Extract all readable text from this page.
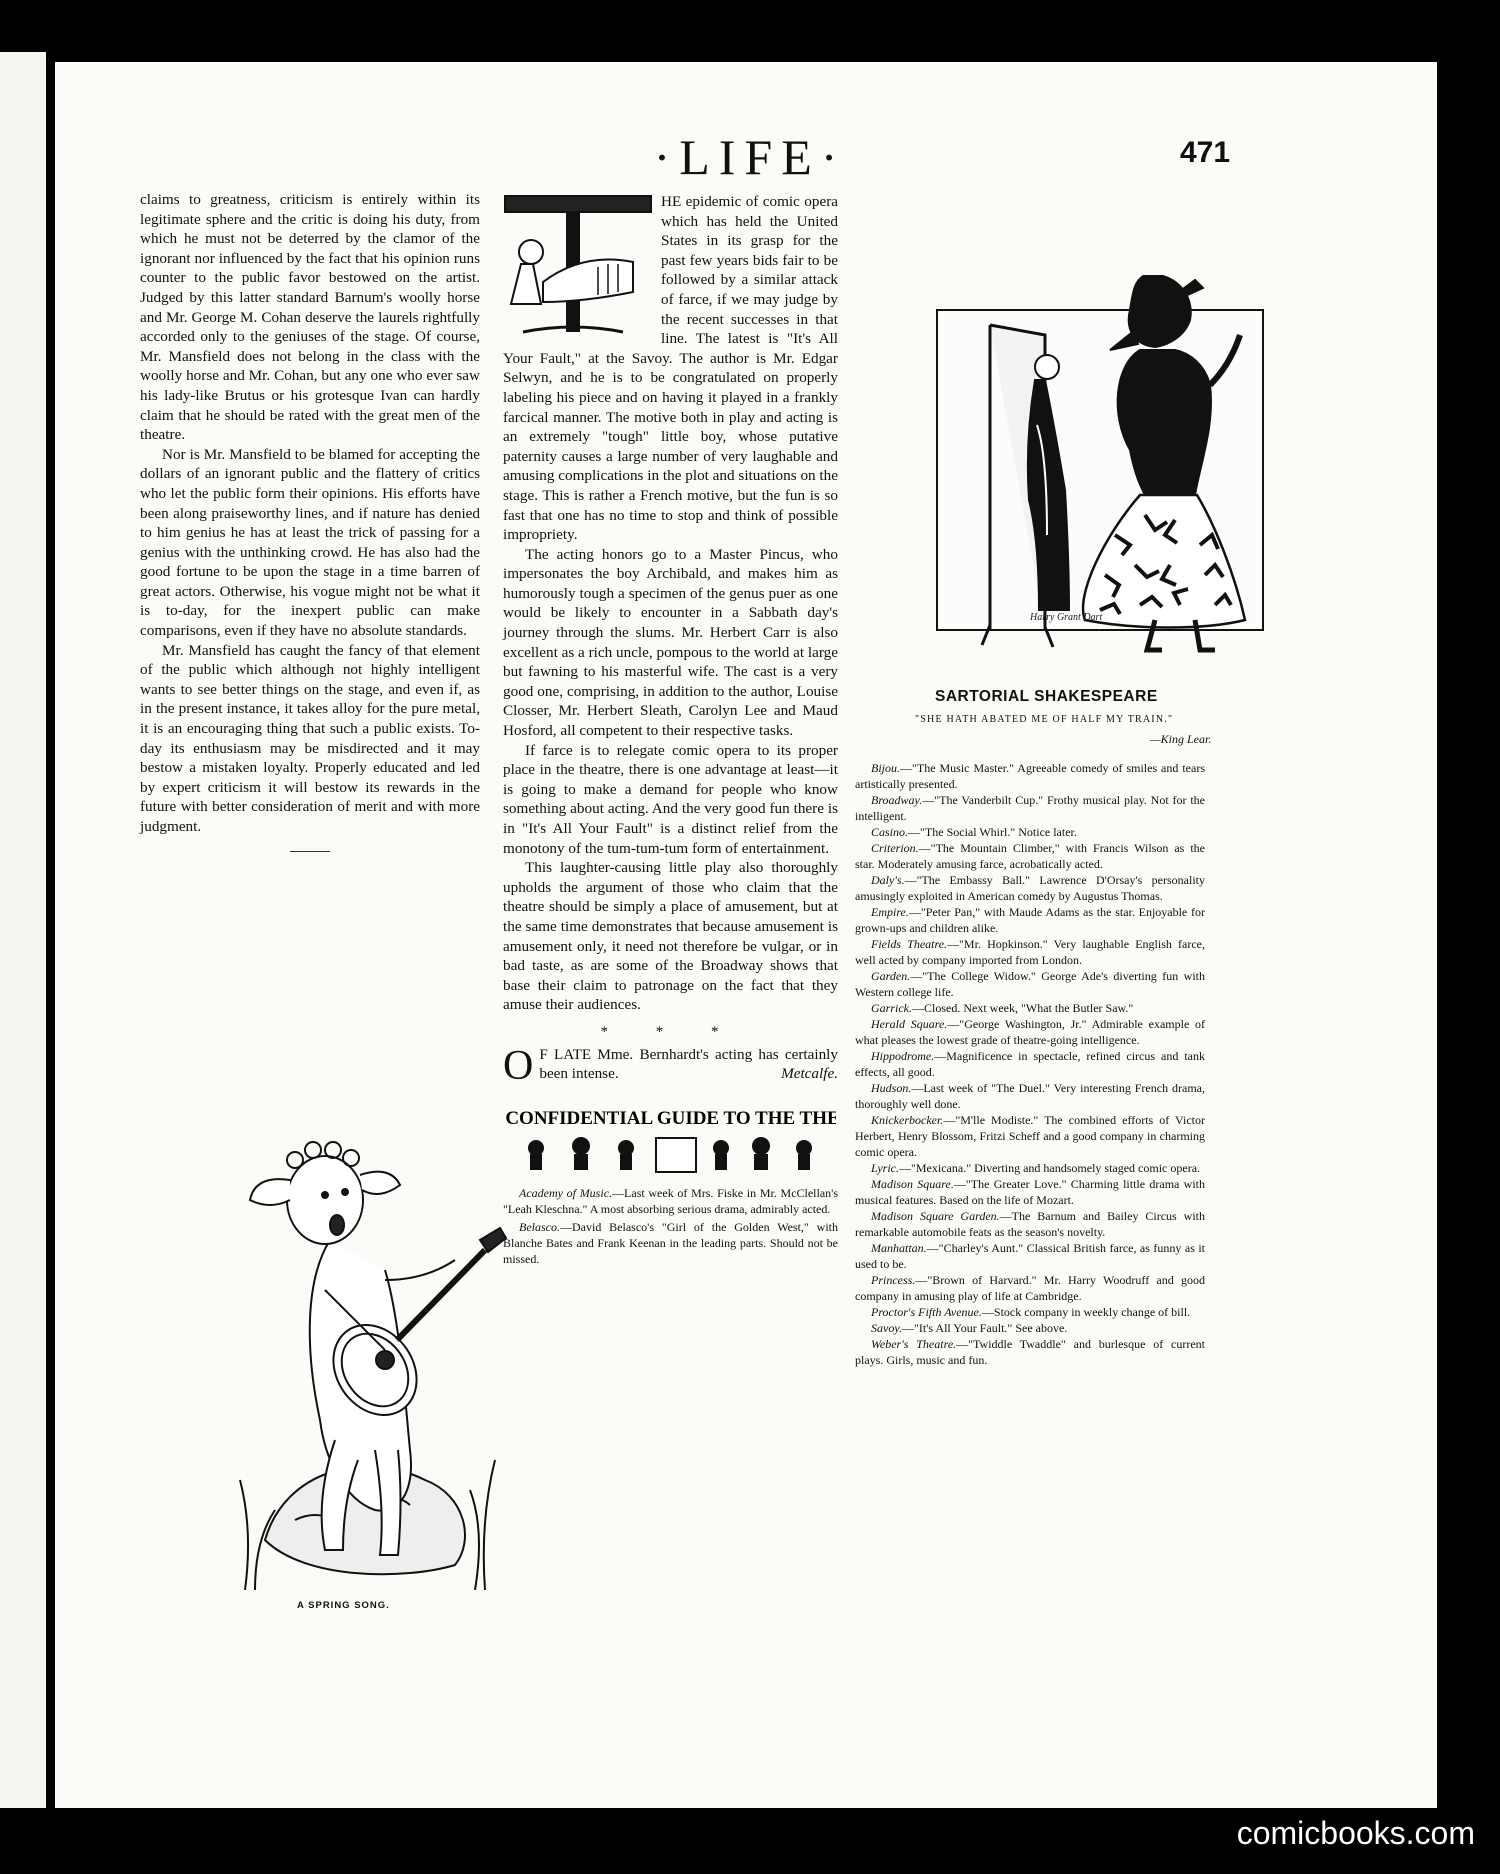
·LIFE·	471

claims to greatness, criticism is entirely within its legitimate sphere and the critic is doing his duty, from which he must not be deterred by the clamor of the ignorant nor influenced by the fact that his opinion runs counter to the public favor bestowed on the artist. Judged by this latter standard Barnum's woolly horse and Mr. George M. Cohan deserve the laurels rightfully accorded only to the geniuses of the stage. Of course, Mr. Mansfield does not belong in the class with the woolly horse and Mr. Cohan, but any one who ever saw his lady-like Brutus or his grotesque Ivan can hardly claim that he should be rated with the great men of the theatre.

Nor is Mr. Mansfield to be blamed for accepting the dollars of an ignorant public and the flattery of critics who let the public form their opinions. His efforts have been along praiseworthy lines, and if nature has denied to him genius he has at least the trick of passing for a genius with the unthinking crowd. He has also had the good fortune to be upon the stage in a time barren of great actors. Otherwise, his vogue might not be what it is to-day, for the inexpert public can make comparisons, even if they have no absolute standards.

Mr. Mansfield has caught the fancy of that element of the public which although not highly intelligent wants to see better things on the stage, and even if, as in the present instance, it takes alloy for the pure metal, it is an encouraging thing that such a public exists. To-day its enthusiasm may be misdirected and it may bestow a mistaken loyalty. Properly educated and led by expert criticism it will bestow its rewards in the future with better consideration of merit and with more judgment.

A SPRING SONG.

HE epidemic of comic opera which has held the United States in its grasp for the past few years bids fair to be followed by a similar attack of farce, if we may judge by the recent successes in that line. The latest is "It's All Your Fault," at the Savoy. The author is Mr. Edgar Selwyn, and he is to be congratulated on properly labeling his piece and on having it played in a frankly farcical manner. The motive both in play and acting is an extremely "tough" little boy, whose putative paternity causes a large number of very laughable and amusing complications in the plot and situations on the stage. This is rather a French motive, but the fun is so fast that one has no time to stop and think of possible impropriety.

The acting honors go to a Master Pincus, who impersonates the boy Archibald, and makes him as humorously tough a specimen of the genus puer as one would be likely to encounter in a Sabbath day's journey through the slums. Mr. Herbert Carr is also excellent as a rich uncle, pompous to the world at large but fawning to his masterful wife. The cast is a very good one, comprising, in addition to the author, Louise Closser, Mr. Herbert Sleath, Carolyn Lee and Maud Hosford, all competent to their respective tasks.

If farce is to relegate comic opera to its proper place in the theatre, there is one advantage at least—it is going to make a demand for people who know something about acting. And the very good fun there is in "It's All Your Fault" is a distinct relief from the monotony of the tum-tum-tum form of entertainment.

This laughter-causing little play also thoroughly upholds the argument of those who claim that the theatre should be simply a place of amusement, but at the same time demonstrates that because amusement is amusement only, it need not therefore be vulgar, or in bad taste, as are some of the Broadway shows that base their claim to patronage on the fact that they amuse their audiences.

* * *

O F LATE Mme. Bernhardt's acting has certainly been intense.	Metcalfe.

CONFIDENTIAL GUIDE TO THE THE

Academy of Music.—Last week of Mrs. Fiske in Mr. McClellan's "Leah Kleschna." A most absorbing serious drama, admirably acted.

Belasco.—David Belasco's "Girl of the Golden West," with Blanche Bates and Frank Keenan in the leading parts. Should not be missed.

Harry Grant Dart
SARTORIAL SHAKESPEARE
"SHE HATH ABATED ME OF HALF MY TRAIN."
—King Lear.

Bijou.—"The Music Master." Agreeable comedy of smiles and tears artistically presented.

Broadway.—"The Vanderbilt Cup." Frothy musical play. Not for the intelligent.

Casino.—"The Social Whirl." Notice later.

Criterion.—"The Mountain Climber," with Francis Wilson as the star. Moderately amusing farce, acrobatically acted.

Daly's.—"The Embassy Ball." Lawrence D'Orsay's personality amusingly exploited in American comedy by Augustus Thomas.

Empire.—"Peter Pan," with Maude Adams as the star. Enjoyable for grown-ups and children alike.

Fields Theatre.—"Mr. Hopkinson." Very laughable English farce, well acted by company imported from London.

Garden.—"The College Widow." George Ade's diverting fun with Western college life.

Garrick.—Closed. Next week, "What the Butler Saw."

Herald Square.—"George Washington, Jr." Admirable example of what pleases the lowest grade of theatre-going intelligence.

Hippodrome.—Magnificence in spectacle, refined circus and tank effects, all good.

Hudson.—Last week of "The Duel." Very interesting French drama, thoroughly well done.

Knickerbocker.—"M'lle Modiste." The combined efforts of Victor Herbert, Henry Blossom, Fritzi Scheff and a good company in charming comic opera.

Lyric.—"Mexicana." Diverting and handsomely staged comic opera.

Madison Square.—"The Greater Love." Charming little drama with musical features. Based on the life of Mozart.

Madison Square Garden.—The Barnum and Bailey Circus with remarkable automobile feats as the season's novelty.

Manhattan.—"Charley's Aunt." Classical British farce, as funny as it used to be.

Princess.—"Brown of Harvard." Mr. Harry Woodruff and good company in amusing play of life at Cambridge.

Proctor's Fifth Avenue.—Stock company in weekly change of bill.

Savoy.—"It's All Your Fault." See above.

Weber's Theatre.—"Twiddle Twaddle" and burlesque of current plays. Girls, music and fun.

comicbooks.com
